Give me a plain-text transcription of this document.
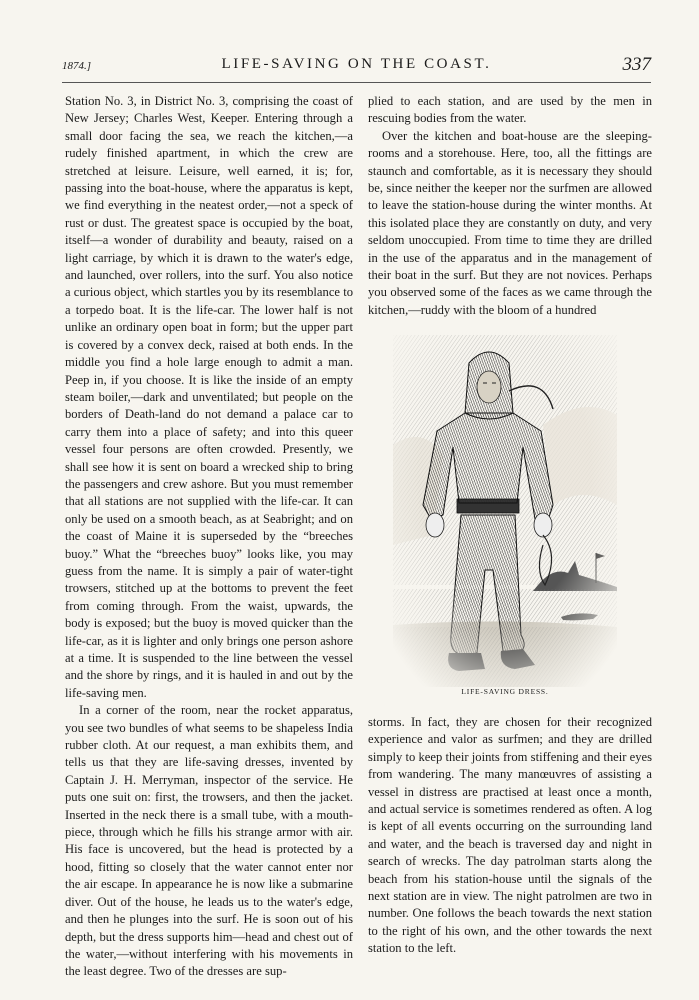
1874.]	LIFE-SAVING ON THE COAST.	337

Station No. 3, in District No. 3, comprising the coast of New Jersey; Charles West, Keeper. Entering through a small door facing the sea, we reach the kitchen,—a rudely finished apartment, in which the crew are stretched at leisure. Leisure, well earned, it is; for, passing into the boat-house, where the apparatus is kept, we find everything in the neatest order,—not a speck of rust or dust. The greatest space is occupied by the boat, itself—a wonder of durability and beauty, raised on a light carriage, by which it is drawn to the water's edge, and launched, over rollers, into the surf. You also notice a curious object, which startles you by its resemblance to a torpedo boat. It is the life-car. The lower half is not unlike an ordinary open boat in form; but the upper part is covered by a convex deck, raised at both ends. In the middle you find a hole large enough to admit a man. Peep in, if you choose. It is like the inside of an empty steam boiler,—dark and unventilated; but people on the borders of Death-land do not demand a palace car to carry them into a place of safety; and into this queer vessel four persons are often crowded. Presently, we shall see how it is sent on board a wrecked ship to bring the passengers and crew ashore. But you must remember that all stations are not supplied with the life-car. It can only be used on a smooth beach, as at Seabright; and on the coast of Maine it is superseded by the “breeches buoy.” What the “breeches buoy” looks like, you may guess from the name. It is simply a pair of water-tight trowsers, stitched up at the bottoms to prevent the feet from coming through. From the waist, upwards, the body is exposed; but the buoy is moved quicker than the life-car, as it is lighter and only brings one person ashore at a time. It is suspended to the line between the vessel and the shore by rings, and it is hauled in and out by the life-saving men.

In a corner of the room, near the rocket apparatus, you see two bundles of what seems to be shapeless India rubber cloth. At our request, a man exhibits them, and tells us that they are life-saving dresses, invented by Captain J. H. Merryman, inspector of the service. He puts one suit on: first, the trowsers, and then the jacket. Inserted in the neck there is a small tube, with a mouth-piece, through which he fills his strange armor with air. His face is uncovered, but the head is protected by a hood, fitting so closely that the water cannot enter nor the air escape. In appearance he is now like a submarine diver. Out of the house, he leads us to the water's edge, and then he plunges into the surf. He is soon out of his depth, but the dress supports him—head and chest out of the water,—without interfering with his movements in the least degree. Two of the dresses are sup-

plied to each station, and are used by the men in rescuing bodies from the water.

Over the kitchen and boat-house are the sleeping-rooms and a storehouse. Here, too, all the fittings are staunch and comfortable, as it is necessary they should be, since neither the keeper nor the surfmen are allowed to leave the station-house during the winter months. At this isolated place they are constantly on duty, and very seldom unoccupied. From time to time they are drilled in the use of the apparatus and in the management of their boat in the surf. But they are not novices. Perhaps you observed some of the faces as we came through the kitchen,—ruddy with the bloom of a hundred

LIFE-SAVING DRESS.

storms. In fact, they are chosen for their recognized experience and valor as surfmen; and they are drilled simply to keep their joints from stiffening and their eyes from wandering. The many manœuvres of assisting a vessel in distress are practised at least once a month, and actual service is sometimes rendered as often. A log is kept of all events occurring on the surrounding land and water, and the beach is traversed day and night in search of wrecks. The day patrolman starts along the beach from his station-house until the signals of the next station are in view. The night patrolmen are two in number. One follows the beach towards the next station to the right of his own, and the other towards the next station to the left.
